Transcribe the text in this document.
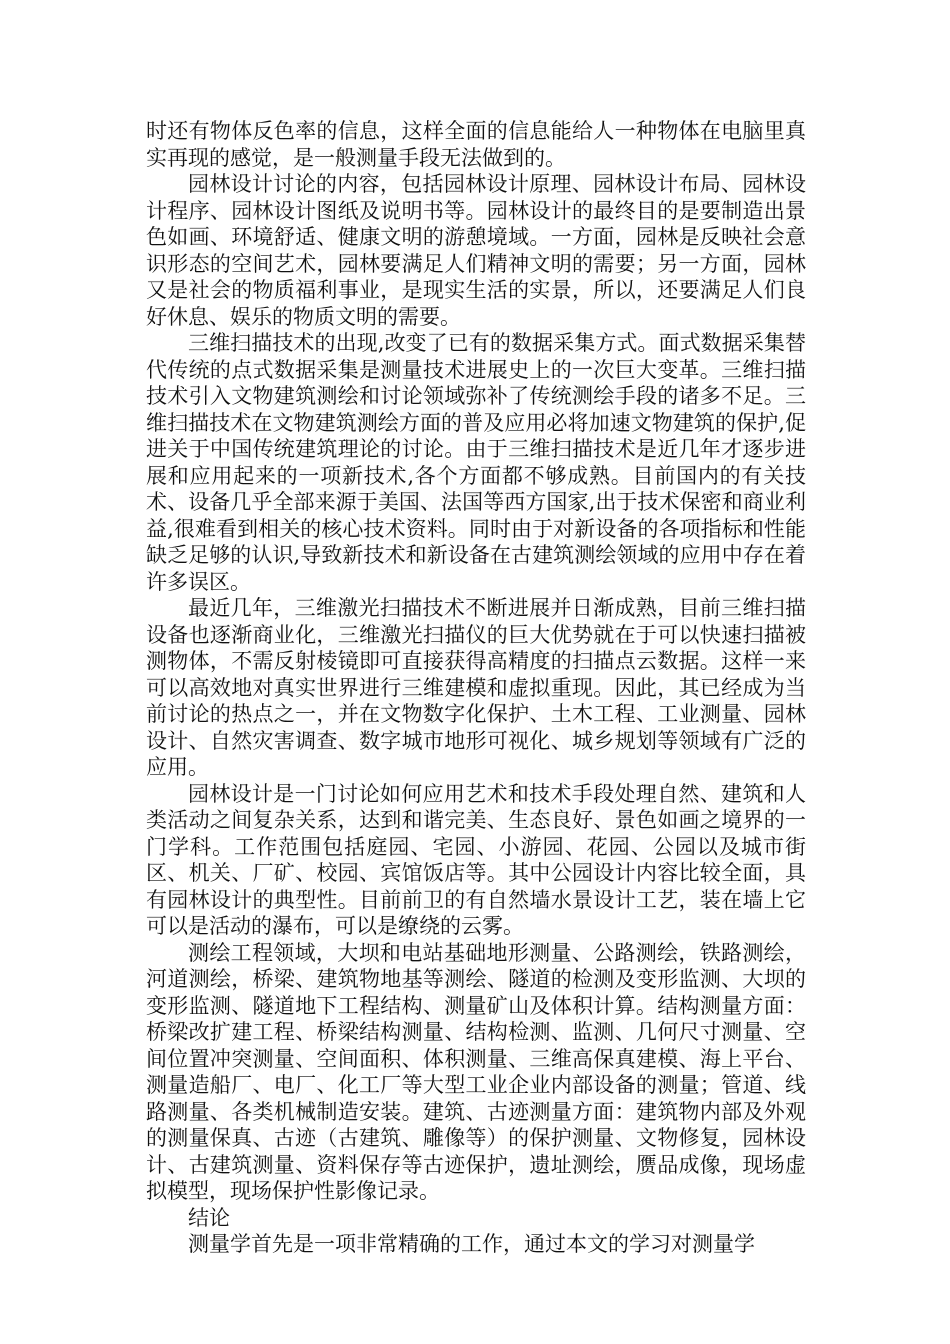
时还有物体反色率的信息，这样全面的信息能给人一种物体在电脑里真实再现的感觉，是一般测量手段无法做到的。

园林设计讨论的内容，包括园林设计原理、园林设计布局、园林设计程序、园林设计图纸及说明书等。园林设计的最终目的是要制造出景色如画、环境舒适、健康文明的游憩境域。一方面，园林是反映社会意识形态的空间艺术，园林要满足人们精神文明的需要；另一方面，园林又是社会的物质福利事业，是现实生活的实景，所以，还要满足人们良好休息、娱乐的物质文明的需要。

三维扫描技术的出现,改变了已有的数据采集方式。面式数据采集替代传统的点式数据采集是测量技术进展史上的一次巨大变革。三维扫描技术引入文物建筑测绘和讨论领域弥补了传统测绘手段的诸多不足。三维扫描技术在文物建筑测绘方面的普及应用必将加速文物建筑的保护,促进关于中国传统建筑理论的讨论。由于三维扫描技术是近几年才逐步进展和应用起来的一项新技术,各个方面都不够成熟。目前国内的有关技术、设备几乎全部来源于美国、法国等西方国家,出于技术保密和商业利益,很难看到相关的核心技术资料。同时由于对新设备的各项指标和性能缺乏足够的认识,导致新技术和新设备在古建筑测绘领域的应用中存在着许多误区。

最近几年，三维激光扫描技术不断进展并日渐成熟，目前三维扫描设备也逐渐商业化，三维激光扫描仪的巨大优势就在于可以快速扫描被测物体，不需反射棱镜即可直接获得高精度的扫描点云数据。这样一来可以高效地对真实世界进行三维建模和虚拟重现。因此，其已经成为当前讨论的热点之一，并在文物数字化保护、土木工程、工业测量、园林设计、自然灾害调查、数字城市地形可视化、城乡规划等领域有广泛的应用。

园林设计是一门讨论如何应用艺术和技术手段处理自然、建筑和人类活动之间复杂关系，达到和谐完美、生态良好、景色如画之境界的一门学科。工作范围包括庭园、宅园、小游园、花园、公园以及城市街区、机关、厂矿、校园、宾馆饭店等。其中公园设计内容比较全面，具有园林设计的典型性。目前前卫的有自然墙水景设计工艺，装在墙上它可以是活动的瀑布，可以是缭绕的云雾。

测绘工程领域，大坝和电站基础地形测量、公路测绘，铁路测绘，河道测绘，桥梁、建筑物地基等测绘、隧道的检测及变形监测、大坝的变形监测、隧道地下工程结构、测量矿山及体积计算。结构测量方面：桥梁改扩建工程、桥梁结构测量、结构检测、监测、几何尺寸测量、空间位置冲突测量、空间面积、体积测量、三维高保真建模、海上平台、测量造船厂、电厂、化工厂等大型工业企业内部设备的测量；管道、线路测量、各类机械制造安装。建筑、古迹测量方面：建筑物内部及外观的测量保真、古迹（古建筑、雕像等）的保护测量、文物修复，园林设计、古建筑测量、资料保存等古迹保护，遗址测绘，赝品成像，现场虚拟模型，现场保护性影像记录。

结论

测量学首先是一项非常精确的工作，通过本文的学习对测量学
